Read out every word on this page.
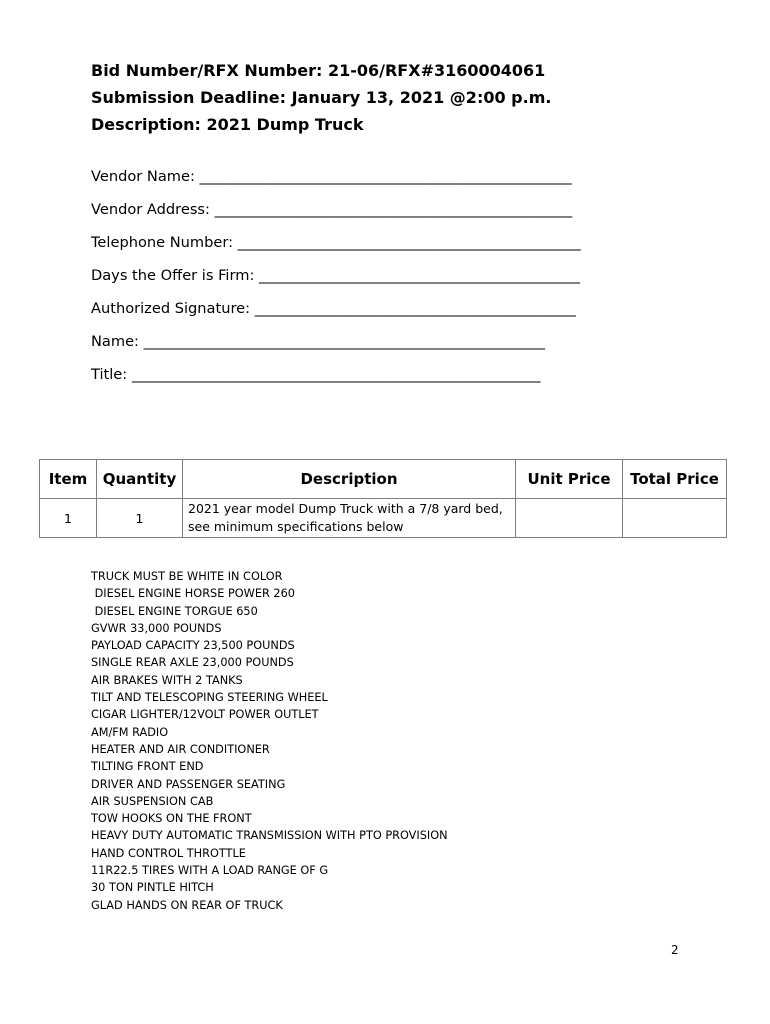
Bid Number/RFX Number: 21-06/RFX#3160004061
Submission Deadline: January 13, 2021 @2:00 p.m.
Description: 2021 Dump Truck
Vendor Name: ___________________________________________________
Vendor Address: _________________________________________________
Telephone Number: _______________________________________________
Days the Offer is Firm: ____________________________________________
Authorized Signature: ____________________________________________
Name: _______________________________________________________
Title: ________________________________________________________
Item	Quantity	Description	Unit Price	Total Price
1	1	2021 year model Dump Truck with a 7/8 yard bed,
see minimum specifications below		

TRUCK MUST BE WHITE IN COLOR
DIESEL ENGINE HORSE POWER 260
DIESEL ENGINE TORGUE 650
GVWR 33,000 POUNDS
PAYLOAD CAPACITY 23,500 POUNDS
SINGLE REAR AXLE 23,000 POUNDS
AIR BRAKES WITH 2 TANKS
TILT AND TELESCOPING STEERING WHEEL
CIGAR LIGHTER/12VOLT POWER OUTLET
AM/FM RADIO
HEATER AND AIR CONDITIONER
TILTING FRONT END
DRIVER AND PASSENGER SEATING
AIR SUSPENSION CAB
TOW HOOKS ON THE FRONT
HEAVY DUTY AUTOMATIC TRANSMISSION WITH PTO PROVISION
HAND CONTROL THROTTLE
11R22.5 TIRES WITH A LOAD RANGE OF G
30 TON PINTLE HITCH
GLAD HANDS ON REAR OF TRUCK
2
